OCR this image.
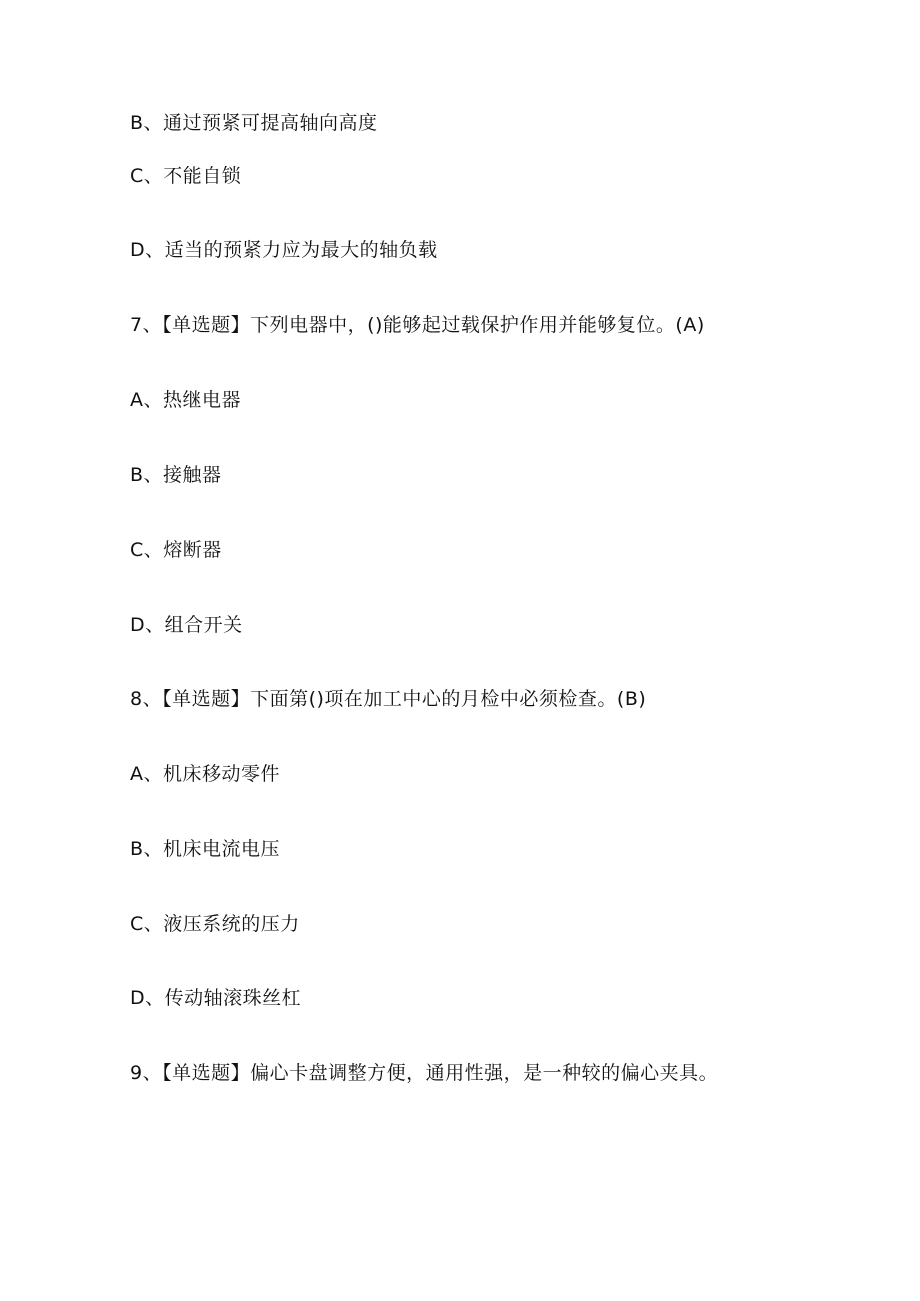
B、通过预紧可提高轴向高度
C、不能自锁
D、适当的预紧力应为最大的轴负载
7、【单选题】下列电器中，()能够起过载保护作用并能够复位。(A)
A、热继电器
B、接触器
C、熔断器
D、组合开关
8、【单选题】下面第()项在加工中心的月检中必须检查。(B)
A、机床移动零件
B、机床电流电压
C、液压系统的压力
D、传动轴滚珠丝杠
9、【单选题】偏心卡盘调整方便，通用性强，是一种较的偏心夹具。
